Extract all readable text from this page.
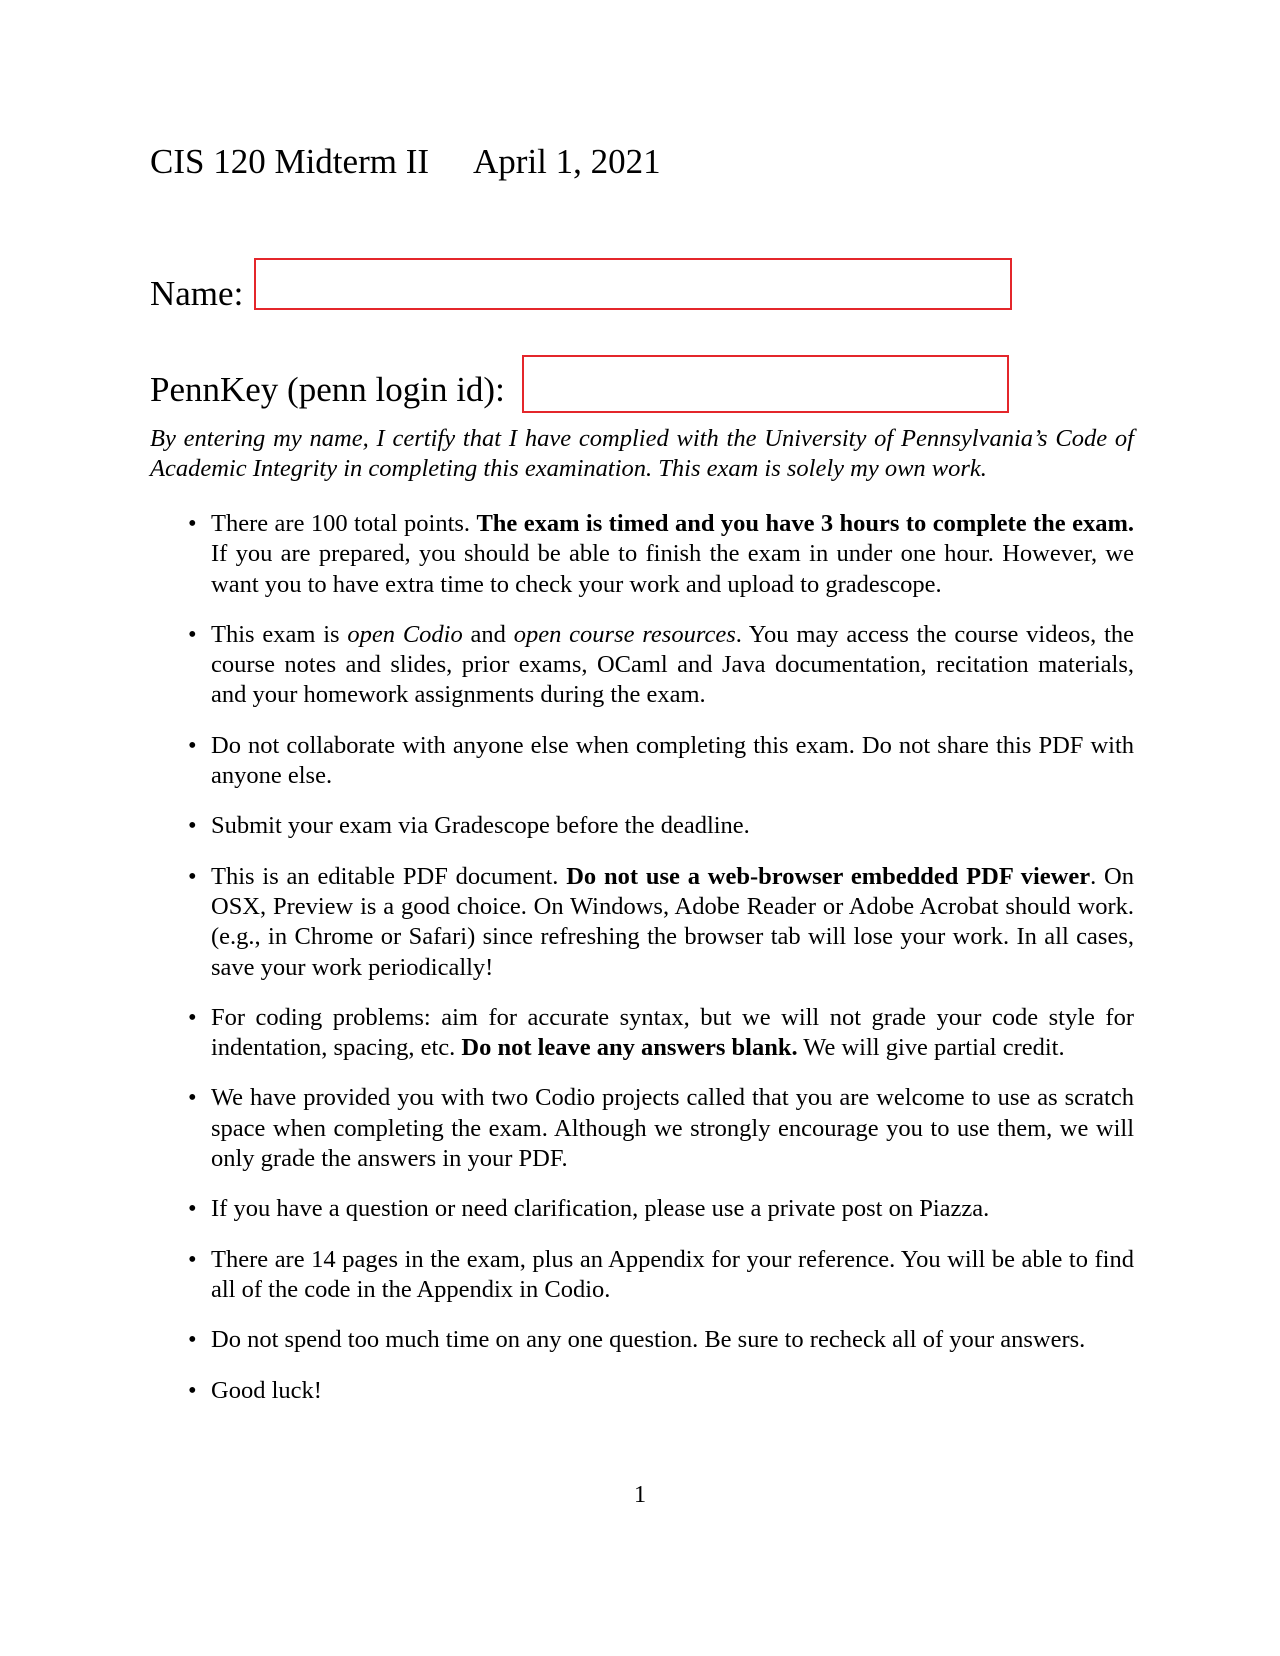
CIS 120 Midterm II April 1, 2021
Name:
PennKey (penn login id):
By entering my name, I certify that I have complied with the University of Pennsylvania’s Code of Academic Integrity in completing this examination. This exam is solely my own work.
• There are 100 total points. The exam is timed and you have 3 hours to complete the exam. If you are prepared, you should be able to finish the exam in under one hour. However, we want you to have extra time to check your work and upload to gradescope.
• This exam is open Codio and open course resources. You may access the course videos, the course notes and slides, prior exams, OCaml and Java documentation, recitation materials, and your homework assignments during the exam.
• Do not collaborate with anyone else when completing this exam. Do not share this PDF with anyone else.
• Submit your exam via Gradescope before the deadline.
• This is an editable PDF document. Do not use a web-browser embedded PDF viewer. On OSX, Preview is a good choice. On Windows, Adobe Reader or Adobe Acrobat should work. (e.g., in Chrome or Safari) since refreshing the browser tab will lose your work. In all cases, save your work periodically!
• For coding problems: aim for accurate syntax, but we will not grade your code style for indentation, spacing, etc. Do not leave any answers blank. We will give partial credit.
• We have provided you with two Codio projects called that you are welcome to use as scratch space when completing the exam. Although we strongly encourage you to use them, we will only grade the answers in your PDF.
• If you have a question or need clarification, please use a private post on Piazza.
• There are 14 pages in the exam, plus an Appendix for your reference. You will be able to find all of the code in the Appendix in Codio.
• Do not spend too much time on any one question. Be sure to recheck all of your answers.
• Good luck!
1
